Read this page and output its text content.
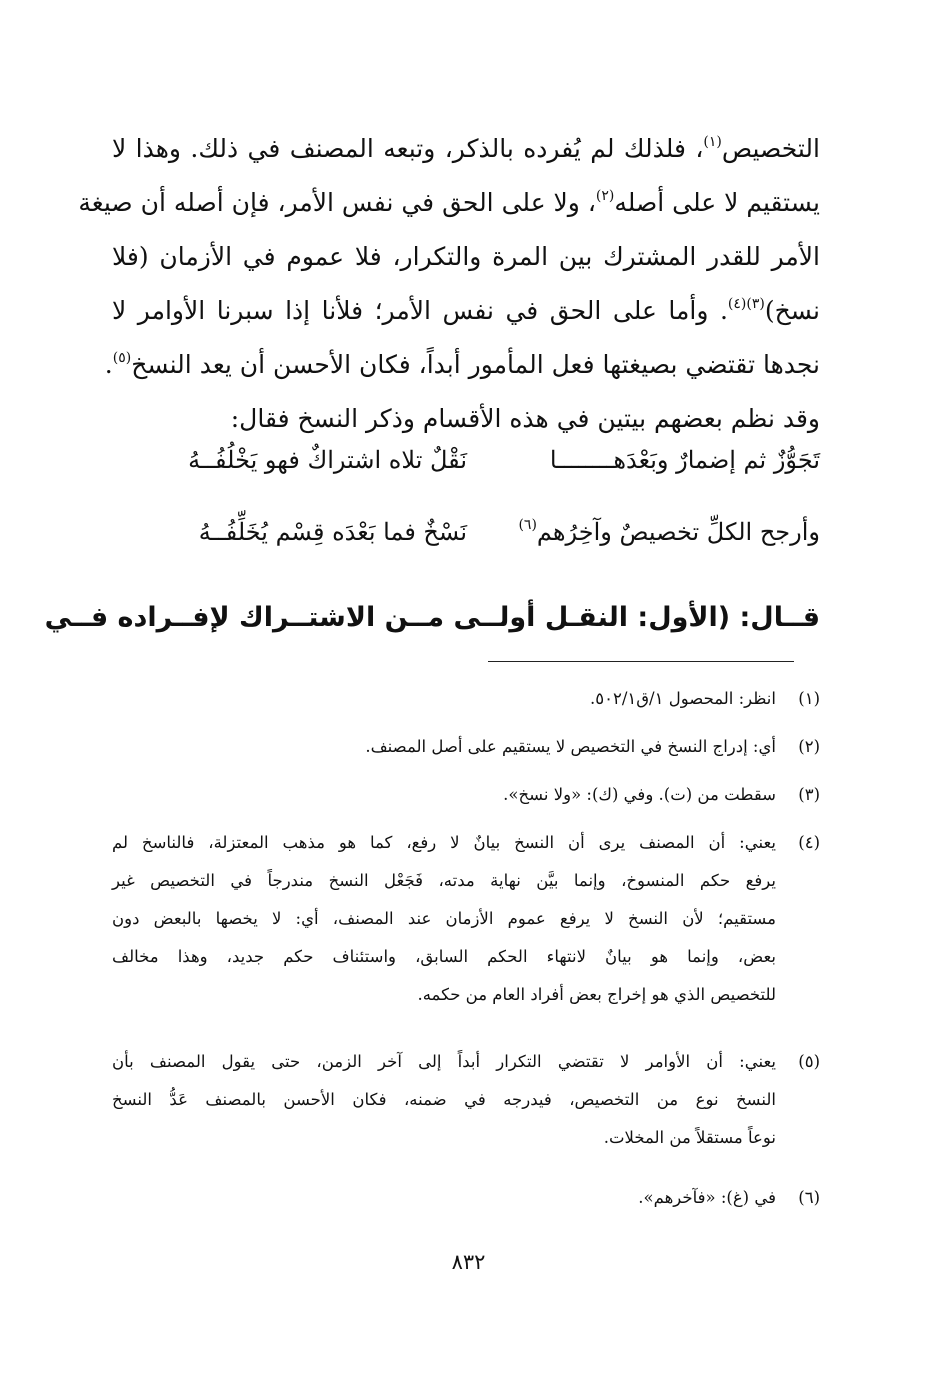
التخصيص$^{(١)}$، فلذلك لم يُفرده بالذكر، وتبعه المصنف في ذلك. وهذا لا
يستقيم لا على أصله$^{(٢)}$، ولا على الحق في نفس الأمر، فإن أصله أن صيغة
الأمر للقدر المشترك بين المرة والتكرار، فلا عموم في الأزمان (فلا
نسخ)$^{(٣)(٤)}$. وأما على الحق في نفس الأمر؛ فلأنا إذا سبرنا الأوامر لا
نجدها تقتضي بصيغتها فعل المأمور أبداً، فكان الأحسن أن يعد النسخ$^{(٥)}$.
وقد نظم بعضهم بيتين في هذه الأقسام وذكر النسخ فقال:
نَقْلٌ تلاه اشتراكٌ فهو يَخْلُفُــهُ	تَجَوُّزٌ ثم إضمارٌ وبَعْدَهــــــــا
نَسْخٌ فما بَعْدَه قِسْم يُخَلِّفُــهُ	وأرجح الكلِّ تخصيصٌ وآخِرُهم$^{(٦)}$
قــال: (الأول: النقـل أولــى مــن الاشتــراك لإفــراده فــي
(١)انظر: المحصول ١/ق٥٠٢/١.
(٢)أي: إدراج النسخ في التخصيص لا يستقيم على أصل المصنف.
(٣)سقطت من (ت). وفي (ك): «ولا نسخ».
(٤)يعني: أن المصنف يرى أن النسخ بيانٌ لا رفع، كما هو مذهب المعتزلة، فالناسخ لم
يرفع حكم المنسوخ، وإنما بيَّن نهاية مدته، فَجَعْل النسخ مندرجاً في التخصيص غير
مستقيم؛ لأن النسخ لا يرفع عموم الأزمان عند المصنف، أي: لا يخصها بالبعض دون
بعض، وإنما هو بيانٌ لانتهاء الحكم السابق، واستئناف حكم جديد، وهذا مخالف
للتخصيص الذي هو إخراج بعض أفراد العام من حكمه.
(٥)يعني: أن الأوامر لا تقتضي التكرار أبداً إلى آخر الزمن، حتى يقول المصنف بأن
النسخ نوع من التخصيص، فيدرجه في ضمنه، فكان الأحسن بالمصنف عَدُّ النسخ
نوعاً مستقلاً من المخلات.
(٦)في (غ): «فآخرهم».
٨٣٢
